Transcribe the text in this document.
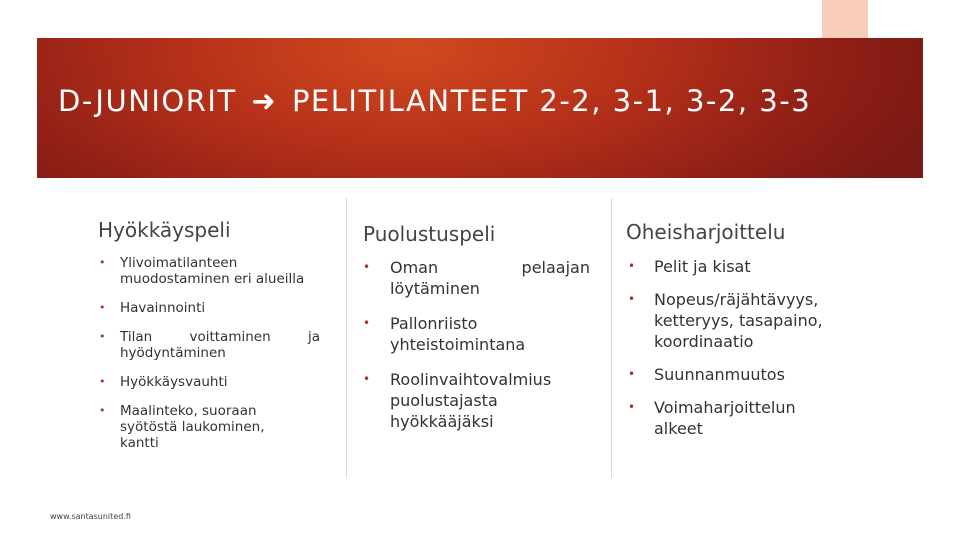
D-JUNIORIT ➜ PELITILANTEET 2-2, 3-1, 3-2, 3-3
Hyökkäyspeli
• Ylivoimatilanteen muodostaminen eri alueilla
• Havainnointi
• Tilan voittaminen ja hyödyntäminen
• Hyökkäysvauhti
• Maalinteko, suoraan syötöstä laukominen, kantti
Puolustuspeli
• Oman pelaajan löytäminen
• Pallonriisto yhteistoimintana
• Roolinvaihtovalmius puolustajasta hyökkääjäksi
Oheisharjoittelu
• Pelit ja kisat
• Nopeus/räjähtävyys, ketteryys, tasapaino, koordinaatio
• Suunnanmuutos
• Voimaharjoittelun alkeet
www.santasunited.fi
